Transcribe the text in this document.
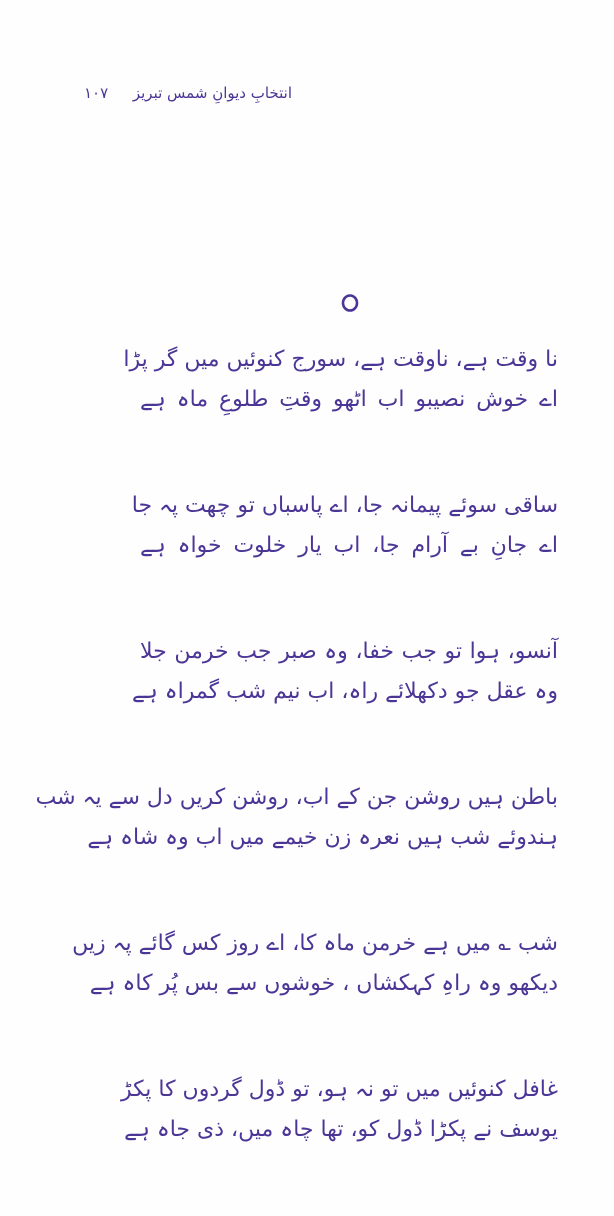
۱۰۷ انتخابِ دیوانِ شمس تبریز
نا وقت ہے، ناوقت ہے، سورج کنوئیں میں گر پڑا
اے خوش نصیبو اب اٹھو وقتِ طلوعِ ماہ ہے
ساقی سوئے پیمانہ جا، اے پاسباں تو چھت پہ جا
اے جانِ بے آرام جا، اب یار خلوت خواہ ہے
آنسو، ہوا تو جب خفا، وہ صبر جب خرمن جلا
وہ عقل جو دکھلائے راہ، اب نیم شب گمراہ ہے
باطن ہیں روشن جن کے اب، روشن کریں دل سے یہ شب
ہندوئے شب ہیں نعرہ زن خیمے میں اب وہ شاہ ہے
شب ؎ میں ہے خرمن ماہ کا، اے روز کس گائے پہ زیں
دیکھو وہ راہِ کہکشاں ، خوشوں سے بس پُر کاہ ہے
غافل کنوئیں میں تو نہ ہو، تو ڈول گردوں کا پکڑ
یوسف نے پکڑا ڈول کو، تھا چاہ میں، ذی جاہ ہے
